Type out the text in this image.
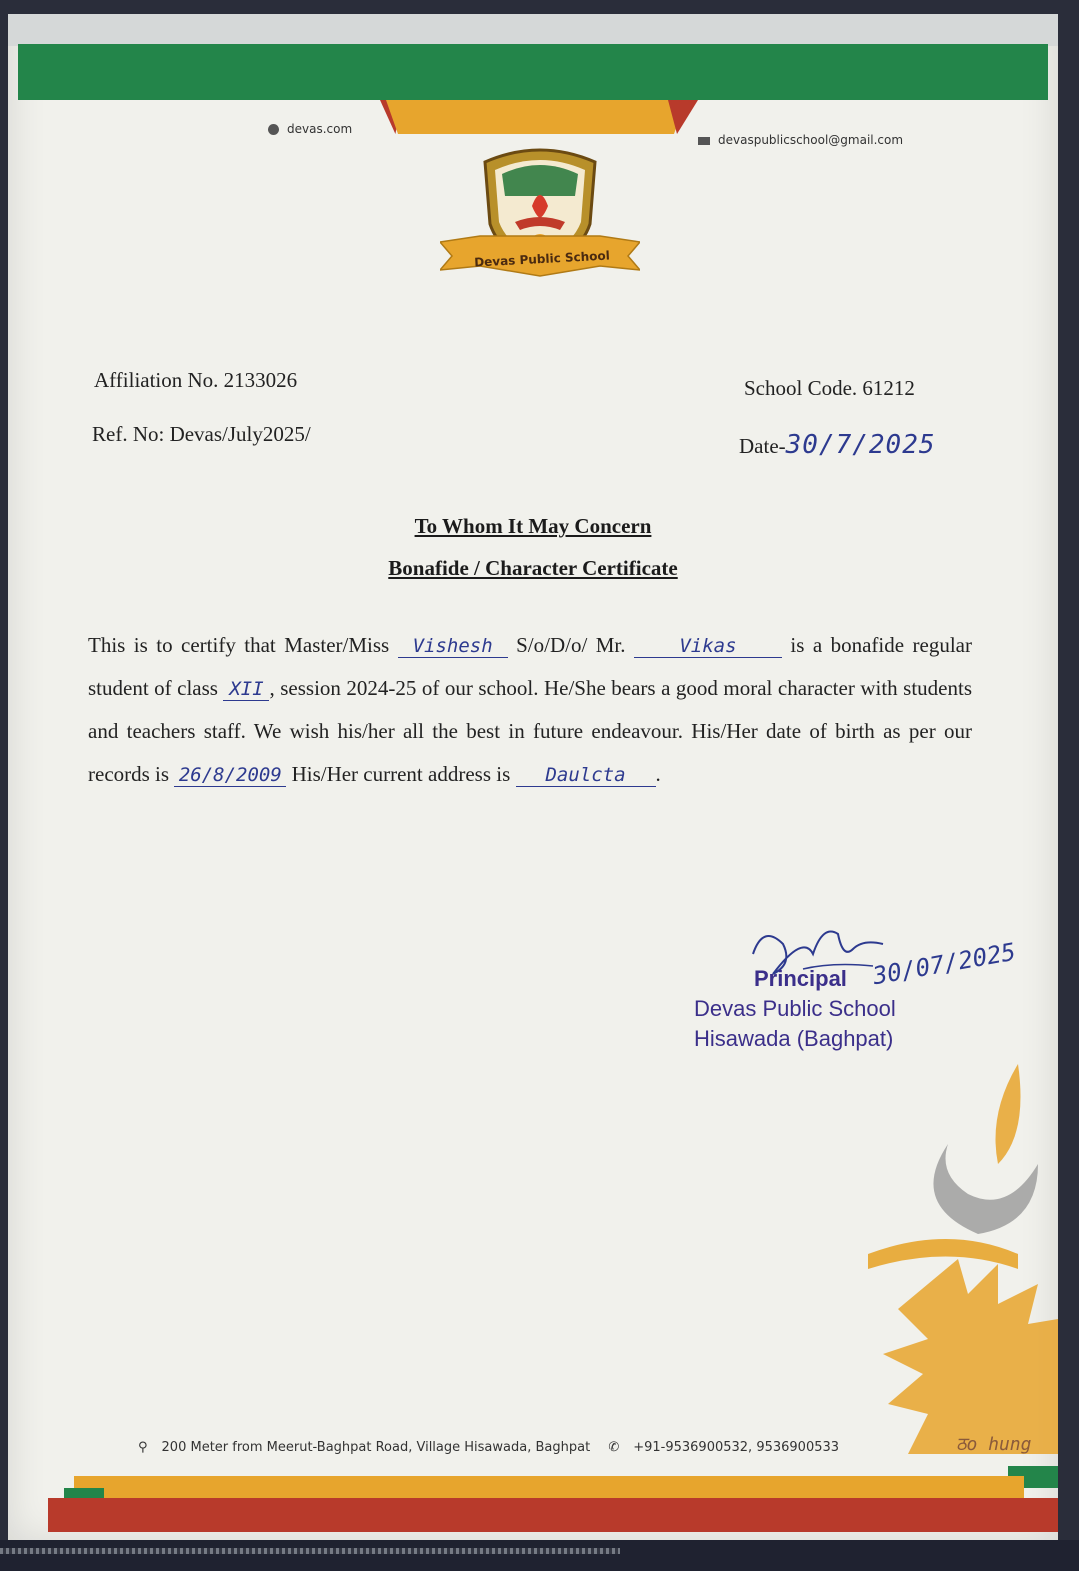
devas.com
devaspublicschool@gmail.com
Devas Public School
Affiliation No. 2133026	School Code. 61212
Ref. No: Devas/July2025/	Date-30/7/2025
To Whom It May Concern
Bonafide / Character Certificate
This is to certify that Master/Miss Vishesh S/o/D/o/ Mr. Vikas is a bonafide regular student of class XII , session 2024-25 of our school. He/She bears a good moral character with students and teachers staff. We wish his/her all the best in future endeavour. His/Her date of birth as per our records is 26/8/2009 His/Her current address is Daulcta .
30/07/2025
Principal
Devas Public School
Hisawada (Baghpat)
ठo hung
⚲ 200 Meter from Meerut-Baghpat Road, Village Hisawada, Baghpat ✆ +91-9536900532, 9536900533
